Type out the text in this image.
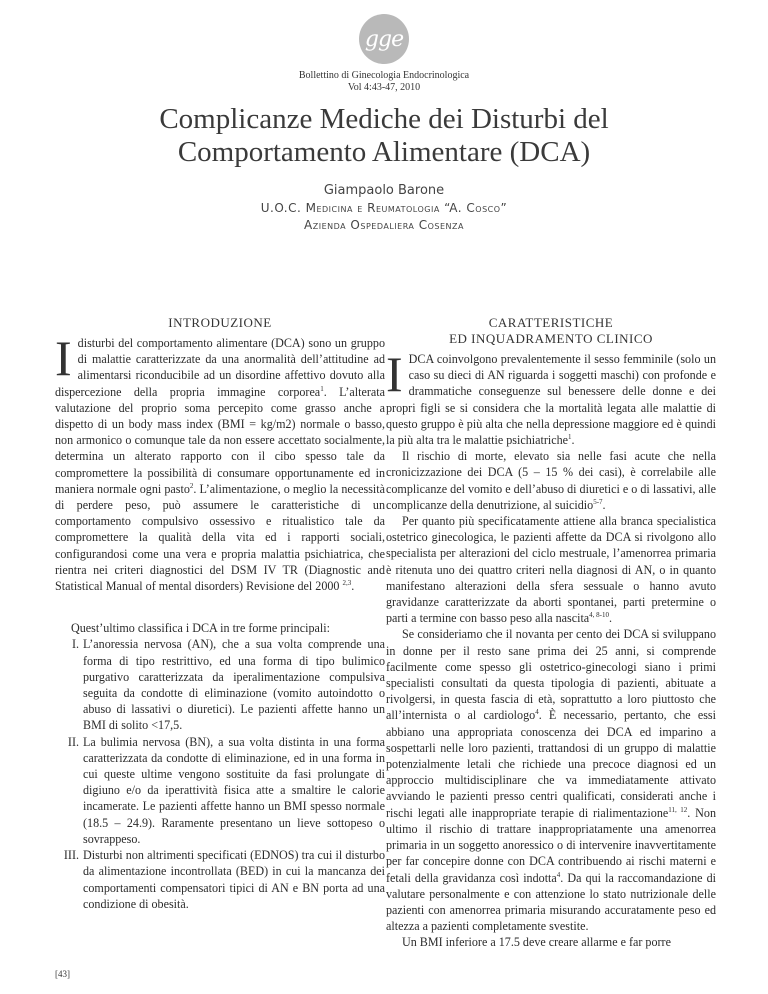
gge
Bollettino di Ginecologia Endocrinologica
Vol 4:43-47, 2010
Complicanze Mediche dei Disturbi del
Comportamento Alimentare (DCA)
Giampaolo Barone
U.O.C. Medicina e Reumatologia “A. Cosco”
Azienda Ospedaliera Cosenza
INTRODUZIONE

I disturbi del comportamento alimentare (DCA) sono un gruppo di malattie caratterizzate da una anormalità dell’attitudine ad alimentarsi riconducibile ad un disordine affettivo dovuto alla dispercezione della propria immagine corporea$^1$. L’alterata valutazione del proprio soma percepito come grasso anche a dispetto di un body mass index (BMI = kg/m2) normale o basso, non armonico o comunque tale da non essere accettato socialmente, determina un alterato rapporto con il cibo spesso tale da compromettere la possibilità di consumare opportunamente ed in maniera normale ogni pasto$^2$. L’alimentazione, o meglio la necessità di perdere peso, può assumere le caratteristiche di un comportamento compulsivo ossessivo e ritualistico tale da compromettere la qualità della vita ed i rapporti sociali, configurandosi come una vera e propria malattia psichiatrica, che rientra nei criteri diagnostici del DSM IV TR (Diagnostic and Statistical Manual of mental disorders) Revisione del 2000 $^{2,3}$.

Quest’ultimo classifica i DCA in tre forme principali:

I. L’anoressia nervosa (AN), che a sua volta comprende una forma di tipo restrittivo, ed una forma di tipo bulimico purgativo caratterizzata da iperalimentazione compulsiva seguita da condotte di eliminazione (vomito autoindotto o abuso di lassativi o diuretici). Le pazienti affette hanno un BMI di solito <17,5.
II. La bulimia nervosa (BN), a sua volta distinta in una forma caratterizzata da condotte di eliminazione, ed in una forma in cui queste ultime vengono sostituite da fasi prolungate di digiuno e/o da iperattività fisica atte a smaltire le calorie incamerate. Le pazienti affette hanno un BMI spesso normale (18.5 – 24.9). Raramente presentano un lieve sottopeso o sovrappeso.
III. Disturbi non altrimenti specificati (EDNOS) tra cui il disturbo da alimentazione incontrollata (BED) in cui la mancanza dei comportamenti compensatori tipici di AN e BN porta ad una condizione di obesità.
CARATTERISTICHE
ED INQUADRAMENTO CLINICO

I DCA coinvolgono prevalentemente il sesso femminile (solo un caso su dieci di AN riguarda i soggetti maschi) con profonde e drammatiche conseguenze sul benessere delle donne e dei propri figli se si considera che la mortalità legata alle malattie di questo gruppo è più alta che nella depressione maggiore ed è quindi la più alta tra le malattie psichiatriche$^1$.

Il rischio di morte, elevato sia nelle fasi acute che nella cronicizzazione dei DCA (5 – 15 % dei casi), è correlabile alle complicanze del vomito e dell’abuso di diuretici e o di lassativi, alle complicanze della denutrizione, al suicidio$^{5-7}$.

Per quanto più specificatamente attiene alla branca specialistica ostetrico ginecologica, le pazienti affette da DCA si rivolgono allo specialista per alterazioni del ciclo mestruale, l’amenorrea primaria è ritenuta uno dei quattro criteri nella diagnosi di AN, o in quanto manifestano alterazioni della sfera sessuale o hanno avuto gravidanze caratterizzate da aborti spontanei, parti pretermine o parti a termine con basso peso alla nascita$^{4, 8-10}$.

Se consideriamo che il novanta per cento dei DCA si sviluppano in donne per il resto sane prima dei 25 anni, si comprende facilmente come spesso gli ostetrico-ginecologi siano i primi specialisti consultati da questa tipologia di pazienti, abituate a rivolgersi, in questa fascia di età, soprattutto a loro piuttosto che all’internista o al cardiologo$^4$. È necessario, pertanto, che essi abbiano una appropriata conoscenza dei DCA ed imparino a sospettarli nelle loro pazienti, trattandosi di un gruppo di malattie potenzialmente letali che richiede una precoce diagnosi ed un approccio multidisciplinare che va immediatamente attivato avviando le pazienti presso centri qualificati, considerati anche i rischi legati alle inappropriate terapie di rialimentazione$^{11, 12}$. Non ultimo il rischio di trattare inappropriatamente una amenorrea primaria in un soggetto anoressico o di intervenire inavvertitamente per far concepire donne con DCA contribuendo ai rischi materni e fetali della gravidanza così indotta$^4$. Da qui la raccomandazione di valutare personalmente e con attenzione lo stato nutrizionale delle pazienti con amenorrea primaria misurando accuratamente peso ed altezza a pazienti completamente svestite.

Un BMI inferiore a 17.5 deve creare allarme e far porre

[43]
